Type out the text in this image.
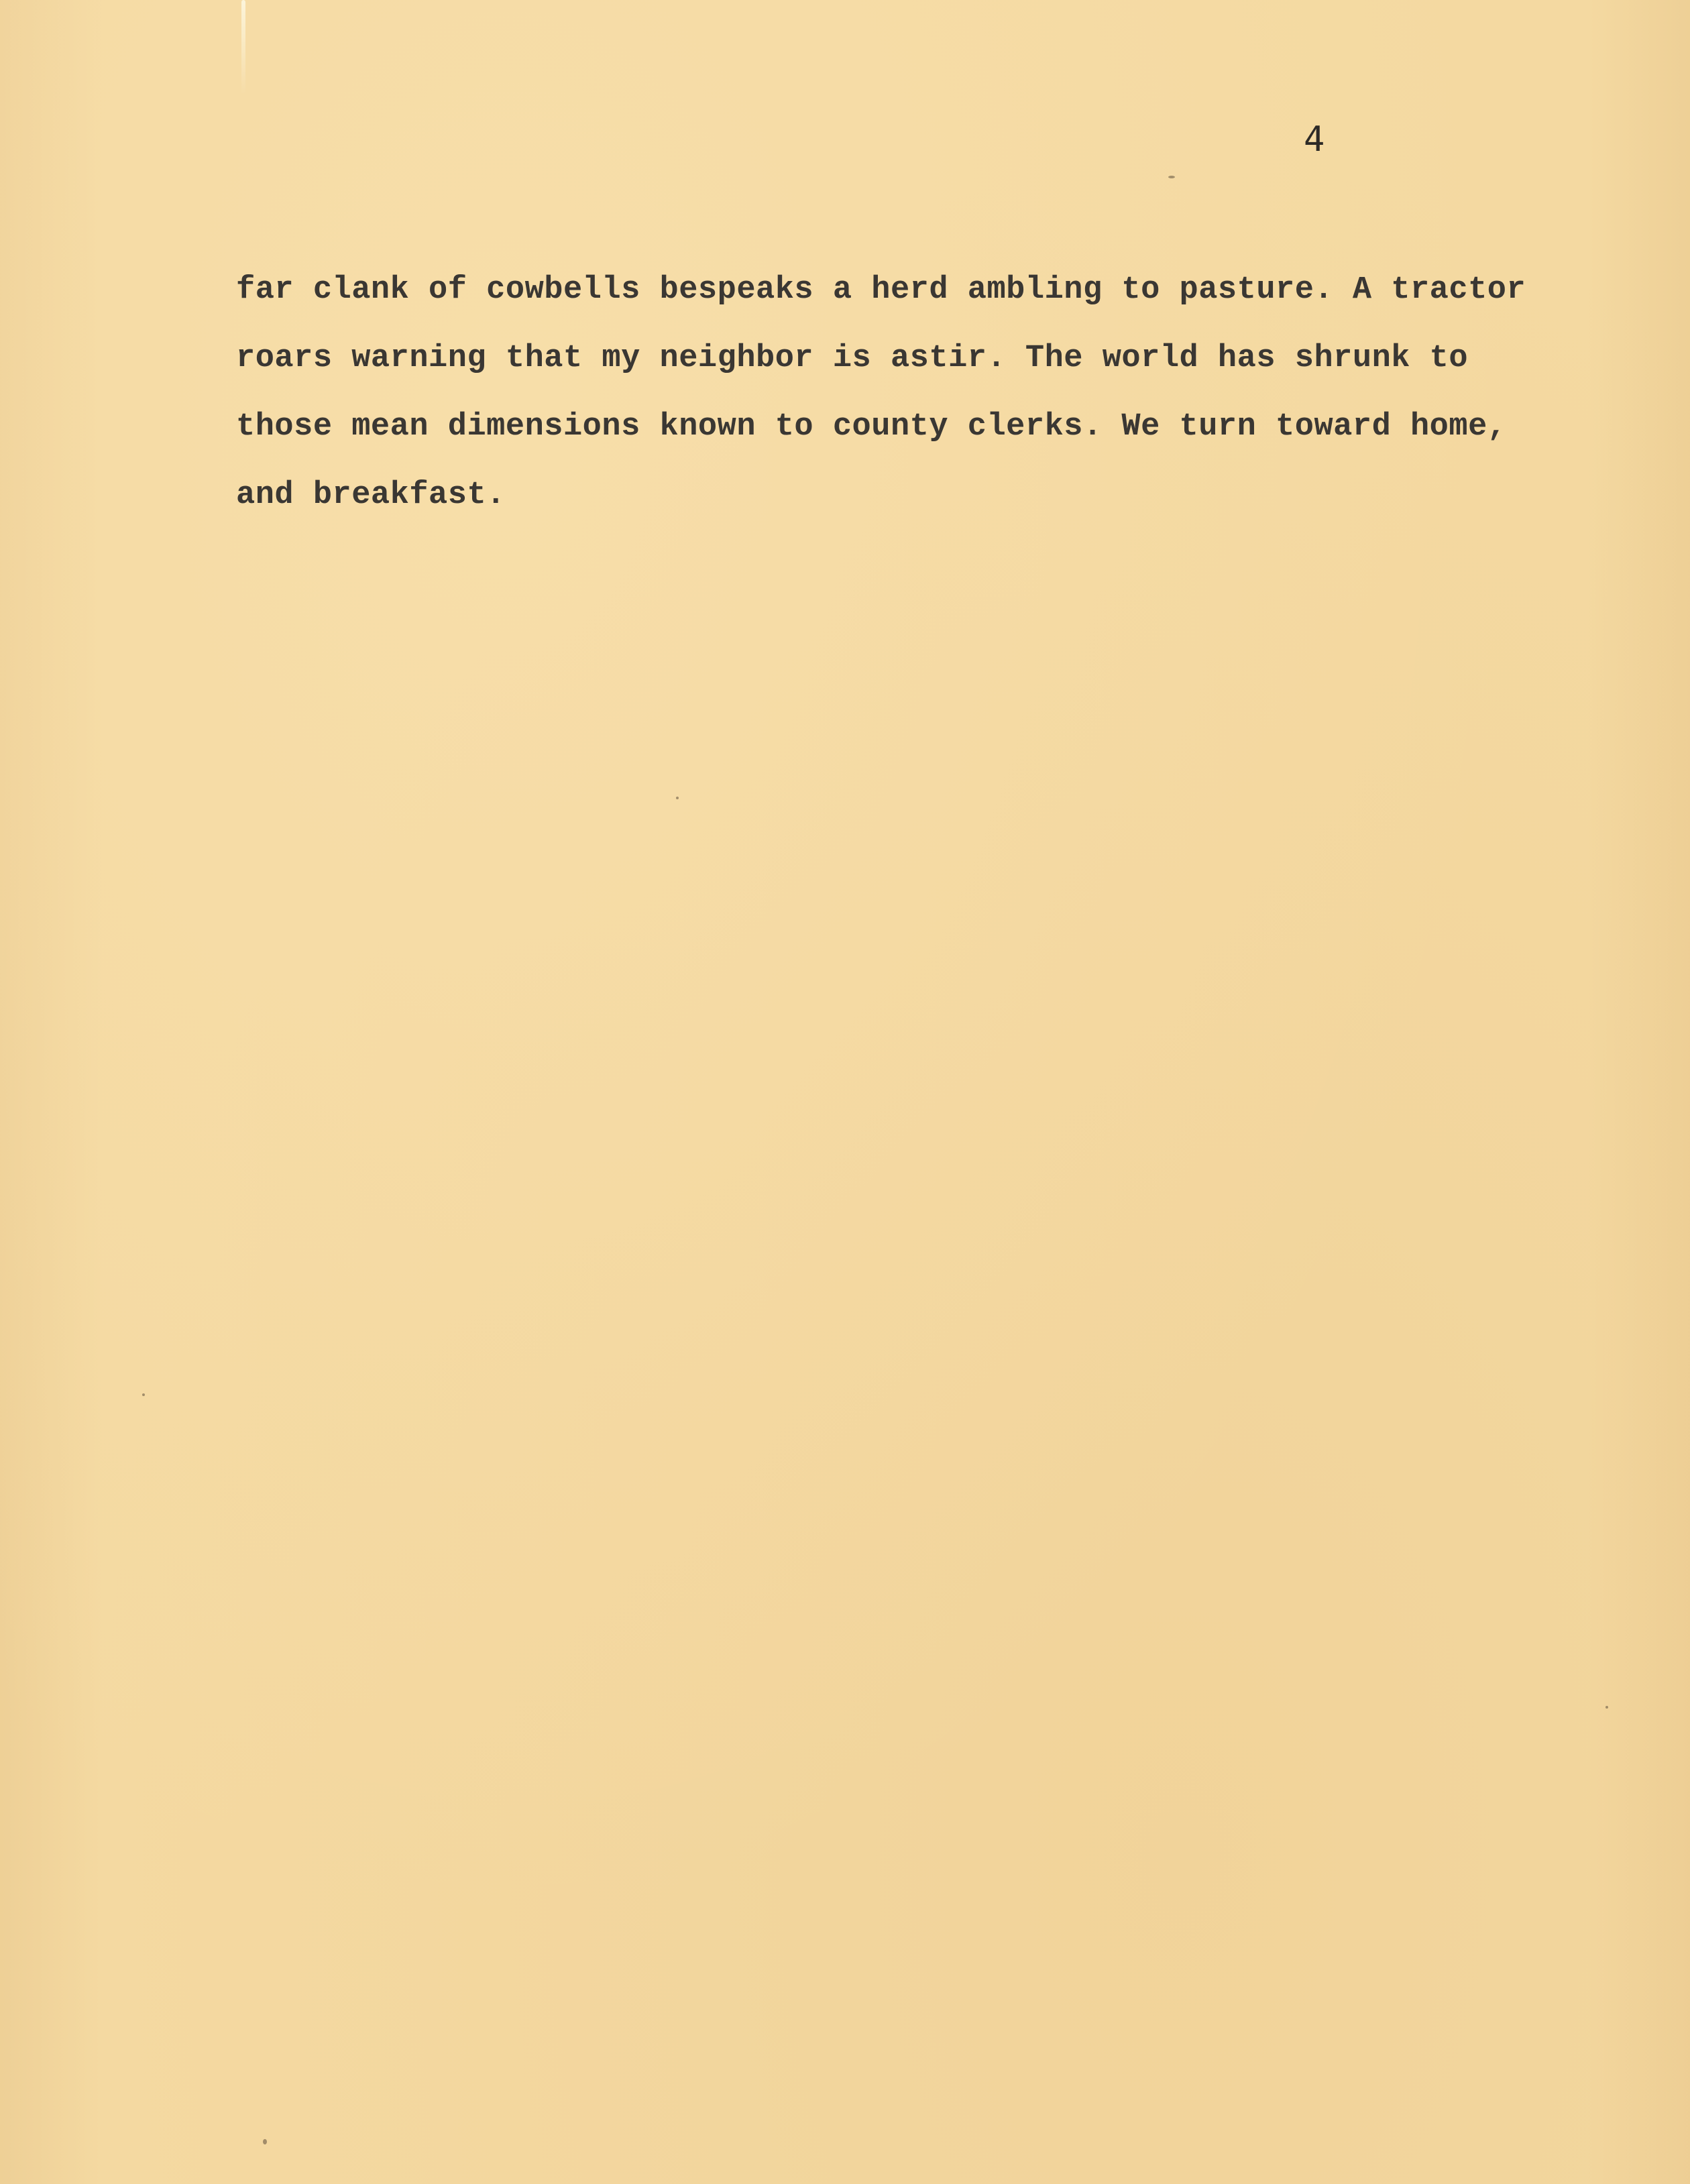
4
far clank of cowbells bespeaks a herd ambling to pasture. A tractor
roars warning that my neighbor is astir. The world has shrunk to
those mean dimensions known to county clerks. We turn toward home,
and breakfast.
